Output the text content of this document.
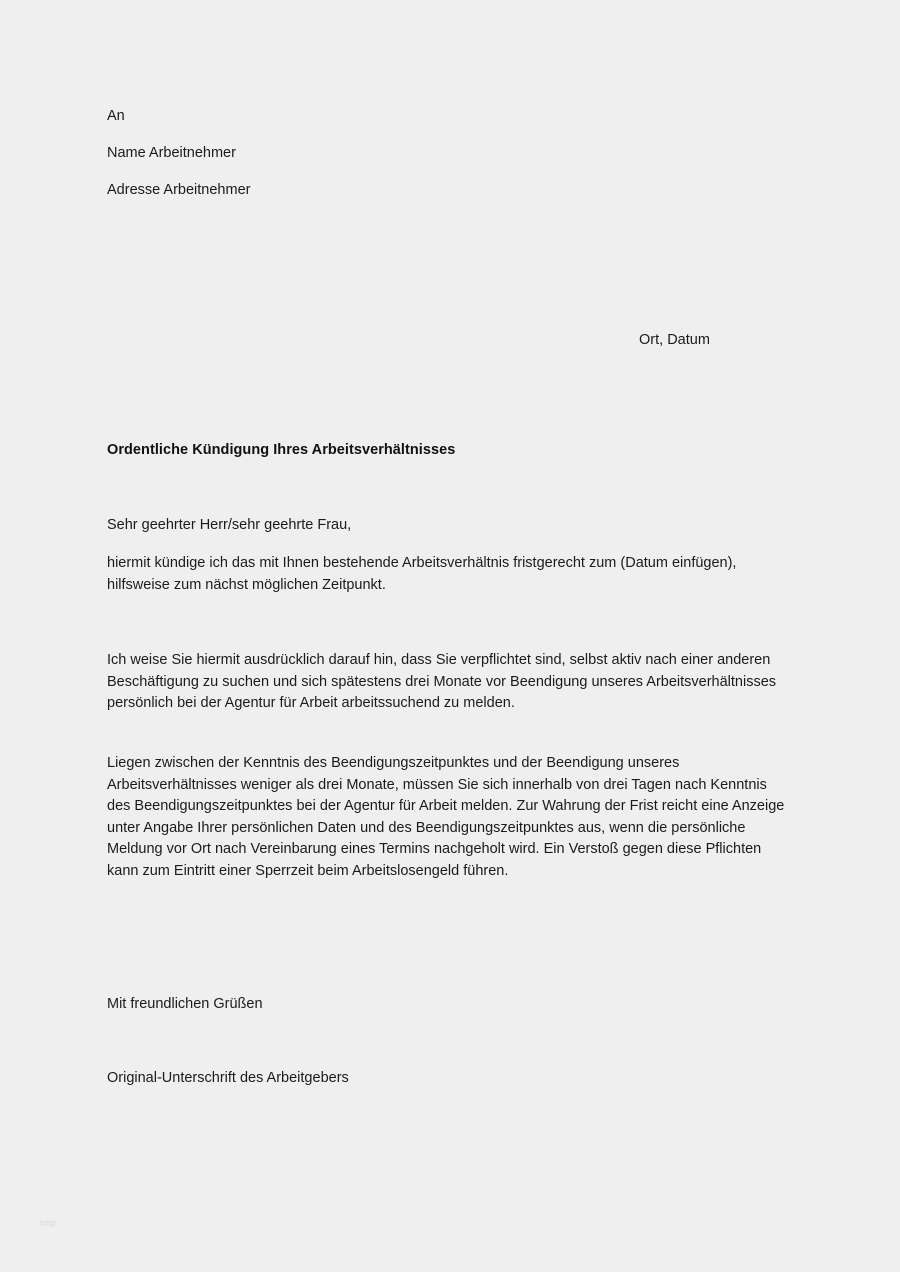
An
Name Arbeitnehmer
Adresse Arbeitnehmer
Ort, Datum
Ordentliche Kündigung Ihres Arbeitsverhältnisses
Sehr geehrter Herr/sehr geehrte Frau,
hiermit kündige ich das mit Ihnen bestehende Arbeitsverhältnis fristgerecht zum (Datum einfügen), hilfsweise zum nächst möglichen Zeitpunkt.
Ich weise Sie hiermit ausdrücklich darauf hin, dass Sie verpflichtet sind, selbst aktiv nach einer anderen Beschäftigung zu suchen und sich spätestens drei Monate vor Beendigung unseres Arbeitsverhältnisses persönlich bei der Agentur für Arbeit arbeitssuchend zu melden.
Liegen zwischen der Kenntnis des Beendigungszeitpunktes und der Beendigung unseres Arbeitsverhältnisses weniger als drei Monate, müssen Sie sich innerhalb von drei Tagen nach Kenntnis des Beendigungszeitpunktes bei der Agentur für Arbeit melden. Zur Wahrung der Frist reicht eine Anzeige unter Angabe Ihrer persönlichen Daten und des Beendigungszeitpunktes aus, wenn die persönliche Meldung vor Ort nach Vereinbarung eines Termins nachgeholt wird. Ein Verstoß gegen diese Pflichten kann zum Eintritt einer Sperrzeit beim Arbeitslosengeld führen.
Mit freundlichen Grüßen
Original-Unterschrift des Arbeitgebers
http
